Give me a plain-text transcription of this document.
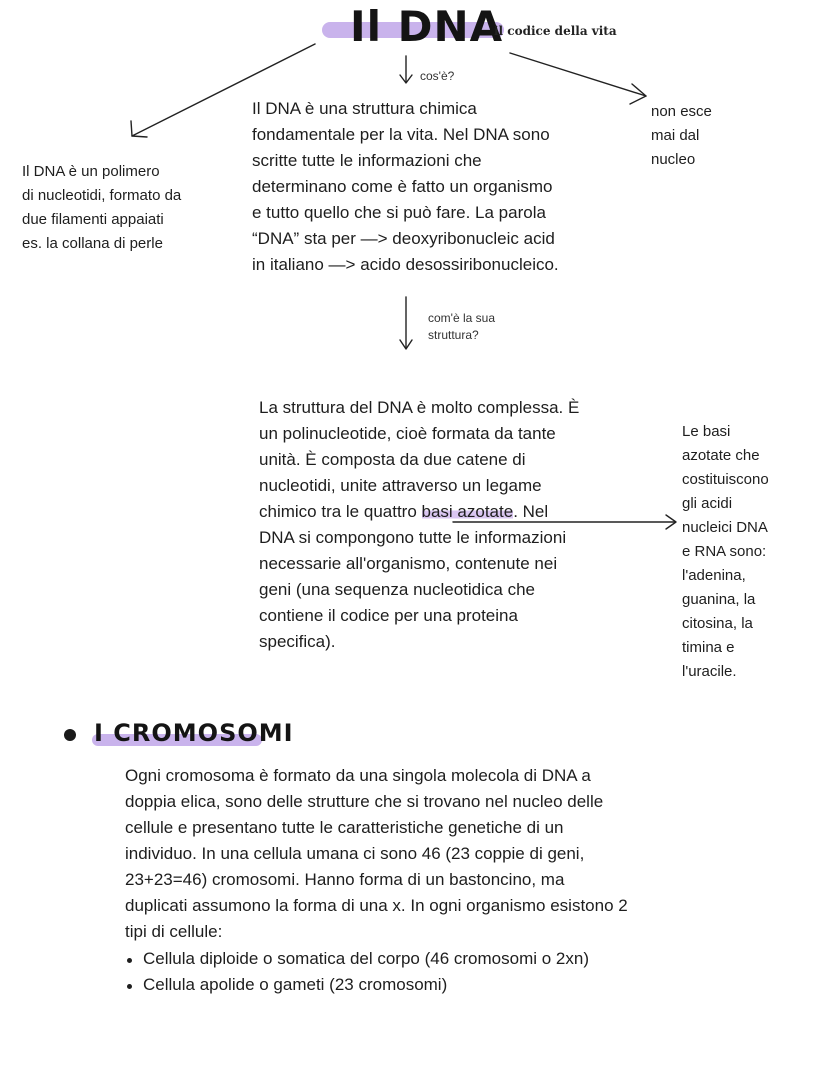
Il DNA
il codice della vita
cos'è?
com'è la sua
struttura?
Il DNA è una struttura chimica
fondamentale per la vita. Nel DNA sono
scritte tutte le informazioni che
determinano come è fatto un organismo
e tutto quello che si può fare. La parola
“DNA” sta per —> deoxyribonucleic acid
in italiano —> acido desossiribonucleico.
Il DNA è un polimero
di nucleotidi, formato da
due filamenti appaiati
es. la collana di perle
non esce
mai dal
nucleo
La struttura del DNA è molto complessa. È
un polinucleotide, cioè formata da tante
unità. È composta da due catene di
nucleotidi, unite attraverso un legame
chimico tra le quattro basi azotate. Nel
DNA si compongono tutte le informazioni
necessarie all'organismo, contenute nei
geni (una sequenza nucleotidica che
contiene il codice per una proteina
specifica).
Le basi
azotate che
costituiscono
gli acidi
nucleici DNA
e RNA sono:
l'adenina,
guanina, la
citosina, la
timina e
l'uracile.
I CROMOSOMI
Ogni cromosoma è formato da una singola molecola di DNA a
doppia elica, sono delle strutture che si trovano nel nucleo delle
cellule e presentano tutte le caratteristiche genetiche di un
individuo. In una cellula umana ci sono 46 (23 coppie di geni,
23+23=46) cromosomi. Hanno forma di un bastoncino, ma
duplicati assumono la forma di una x. In ogni organismo esistono 2
tipi di cellule:
Cellula diploide o somatica del corpo (46 cromosomi o 2xn)
Cellula apolide o gameti (23 cromosomi)
